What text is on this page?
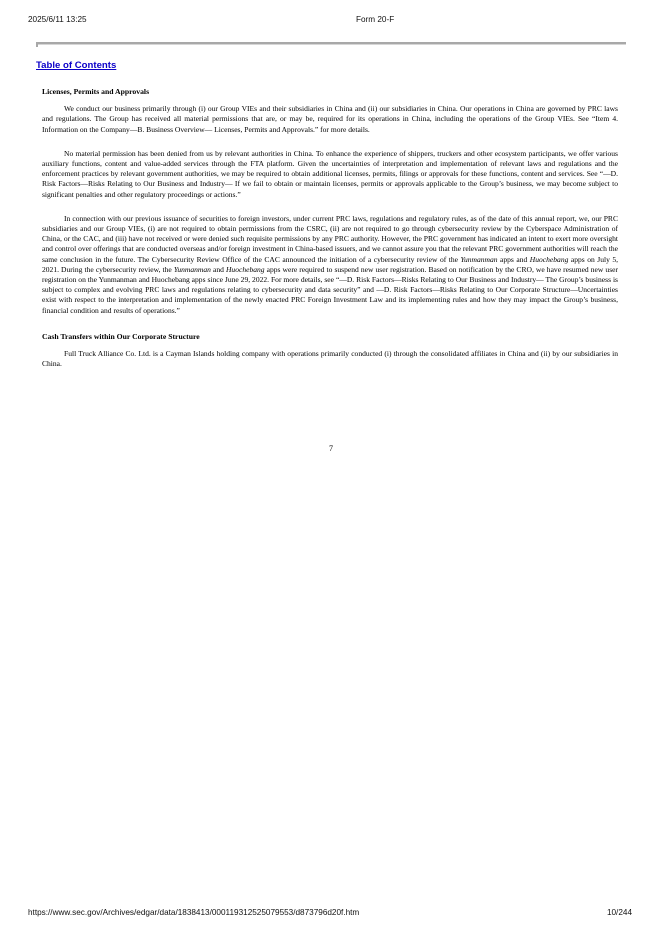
2025/6/11 13:25	Form 20-F
Table of Contents
Licenses, Permits and Approvals

We conduct our business primarily through (i) our Group VIEs and their subsidiaries in China and (ii) our subsidiaries in China. Our operations in China are governed by PRC laws and regulations. The Group has received all material permissions that are, or may be, required for its operations in China, including the operations of the Group VIEs. See “Item 4. Information on the Company—B. Business Overview— Licenses, Permits and Approvals.” for more details.

No material permission has been denied from us by relevant authorities in China. To enhance the experience of shippers, truckers and other ecosystem participants, we offer various auxiliary functions, content and value-added services through the FTA platform. Given the uncertainties of interpretation and implementation of relevant laws and regulations and the enforcement practices by relevant government authorities, we may be required to obtain additional licenses, permits, filings or approvals for these functions, content and services. See “—D. Risk Factors—Risks Relating to Our Business and Industry— If we fail to obtain or maintain licenses, permits or approvals applicable to the Group’s business, we may become subject to significant penalties and other regulatory proceedings or actions.”

In connection with our previous issuance of securities to foreign investors, under current PRC laws, regulations and regulatory rules, as of the date of this annual report, we, our PRC subsidiaries and our Group VIEs, (i) are not required to obtain permissions from the CSRC, (ii) are not required to go through cybersecurity review by the Cyberspace Administration of China, or the CAC, and (iii) have not received or were denied such requisite permissions by any PRC authority. However, the PRC government has indicated an intent to exert more oversight and control over offerings that are conducted overseas and/or foreign investment in China-based issuers, and we cannot assure you that the relevant PRC government authorities will reach the same conclusion in the future. The Cybersecurity Review Office of the CAC announced the initiation of a cybersecurity review of the Yunmanman apps and Huochebang apps on July 5, 2021. During the cybersecurity review, the Yunmanman and Huochebang apps were required to suspend new user registration. Based on notification by the CRO, we have resumed new user registration on the Yunmanman and Huochebang apps since June 29, 2022. For more details, see “—D. Risk Factors—Risks Relating to Our Business and Industry— The Group’s business is subject to complex and evolving PRC laws and regulations relating to cybersecurity and data security” and —D. Risk Factors—Risks Relating to Our Corporate Structure—Uncertainties exist with respect to the interpretation and implementation of the newly enacted PRC Foreign Investment Law and its implementing rules and how they may impact the Group’s business, financial condition and results of operations.”

Cash Transfers within Our Corporate Structure

Full Truck Alliance Co. Ltd. is a Cayman Islands holding company with operations primarily conducted (i) through the consolidated affiliates in China and (ii) by our subsidiaries in China.

7
https://www.sec.gov/Archives/edgar/data/1838413/000119312525079553/d873796d20f.htm	10/244
